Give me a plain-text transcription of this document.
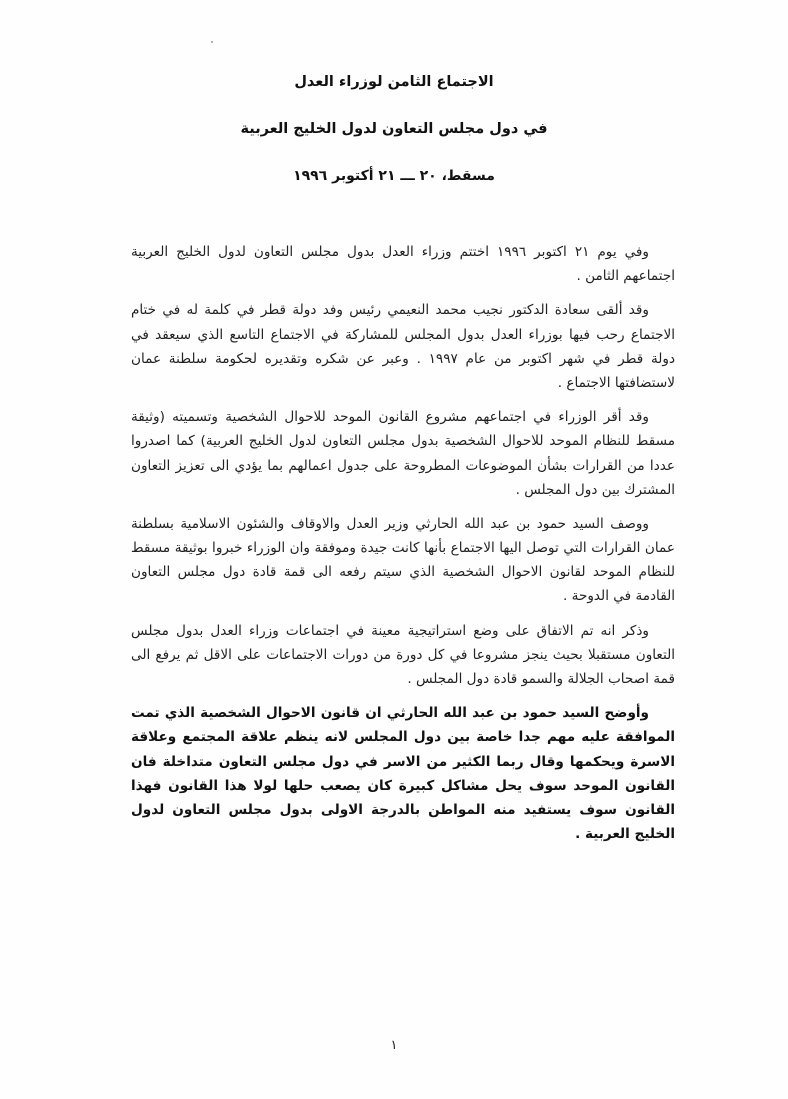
الاجتماع الثامن لوزراء العدل
في دول مجلس التعاون لدول الخليج العربية
مسقط، ٢٠ ـــ ٢١ أكتوبر ١٩٩٦

وفي يوم ٢١ اكتوبر ١٩٩٦ اختتم وزراء العدل بدول مجلس التعاون لدول الخليج العربية اجتماعهم الثامن .

وقد ألقى سعادة الدكتور نجيب محمد النعيمي رئيس وفد دولة قطر في كلمة له في ختام الاجتماع رحب فيها بوزراء العدل بدول المجلس للمشاركة في الاجتماع التاسع الذي سيعقد في دولة قطر في شهر اكتوبر من عام ١٩٩٧ . وعبر عن شكره وتقديره لحكومة سلطنة عمان لاستضافتها الاجتماع .

وقد أقر الوزراء في اجتماعهم مشروع القانون الموحد للاحوال الشخصية وتسميته (وثيقة مسقط للنظام الموحد للاحوال الشخصية بدول مجلس التعاون لدول الخليج العربية) كما اصدروا عددا من القرارات بشأن الموضوعات المطروحة على جدول اعمالهم بما يؤدي الى تعزيز التعاون المشترك بين دول المجلس .

ووصف السيد حمود بن عبد الله الحارثي وزير العدل والاوقاف والشئون الاسلامية بسلطنة عمان القرارات التي توصل اليها الاجتماع بأنها كانت جيدة وموفقة وان الوزراء خبروا بوثيقة مسقط للنظام الموحد لقانون الاحوال الشخصية الذي سيتم رفعه الى قمة قادة دول مجلس التعاون القادمة في الدوحة .

وذكر انه تم الاتفاق على وضع استراتيجية معينة في اجتماعات وزراء العدل بدول مجلس التعاون مستقبلا بحيث ينجز مشروعا في كل دورة من دورات الاجتماعات على الاقل ثم يرفع الى قمة اصحاب الجلالة والسمو قادة دول المجلس .

وأوضح السيد حمود بن عبد الله الحارثي ان قانون الاحوال الشخصية الذي تمت الموافقة عليه مهم جدا خاصة بين دول المجلس لانه ينظم علاقة المجتمع وعلاقة الاسرة ويحكمها وقال ربما الكثير من الاسر في دول مجلس التعاون متداخلة فان القانون الموحد سوف يحل مشاكل كبيرة كان يصعب حلها لولا هذا القانون فهذا القانون سوف يستفيد منه المواطن بالدرجة الاولى بدول مجلس التعاون لدول الخليج العربية .

١
